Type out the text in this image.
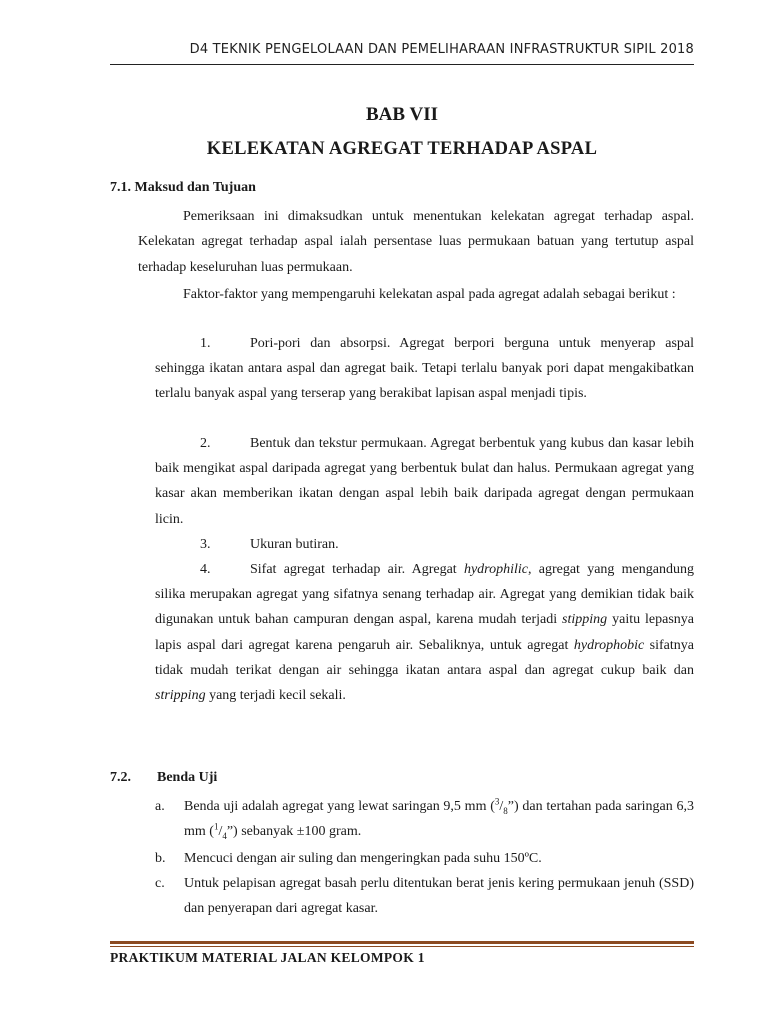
D4 TEKNIK PENGELOLAAN DAN PEMELIHARAAN INFRASTRUKTUR SIPIL 2018
BAB VII
KELEKATAN AGREGAT TERHADAP ASPAL
7.1. Maksud dan Tujuan

Pemeriksaan ini dimaksudkan untuk menentukan kelekatan agregat terhadap aspal. Kelekatan agregat terhadap aspal ialah persentase luas permukaan batuan yang tertutup aspal terhadap keseluruhan luas permukaan.

Faktor-faktor yang mempengaruhi kelekatan aspal pada agregat adalah sebagai berikut :

1.	Pori-pori dan absorpsi. Agregat berpori berguna untuk menyerap aspal sehingga ikatan antara aspal dan agregat baik. Tetapi terlalu banyak pori dapat mengakibatkan terlalu banyak aspal yang terserap yang berakibat lapisan aspal menjadi tipis.

2.	Bentuk dan tekstur permukaan. Agregat berbentuk yang kubus dan kasar lebih baik mengikat aspal daripada agregat yang berbentuk bulat dan halus. Permukaan agregat yang kasar akan memberikan ikatan dengan aspal lebih baik daripada agregat dengan permukaan licin.

3.	Ukuran butiran.

4.	Sifat agregat terhadap air. Agregat hydrophilic, agregat yang mengandung silika merupakan agregat yang sifatnya senang terhadap air. Agregat yang demikian tidak baik digunakan untuk bahan campuran dengan aspal, karena mudah terjadi stipping yaitu lepasnya lapis aspal dari agregat karena pengaruh air. Sebaliknya, untuk agregat hydrophobic sifatnya tidak mudah terikat dengan air sehingga ikatan antara aspal dan agregat cukup baik dan stripping yang terjadi kecil sekali.

7.2. Benda Uji
a. Benda uji adalah agregat yang lewat saringan 9,5 mm $(^3/_8”)$ dan tertahan pada saringan 6,3 mm $(^1/_4”)$ sebanyak ±100 gram.
b. Mencuci dengan air suling dan mengeringkan pada suhu 150ºC.
c. Untuk pelapisan agregat basah perlu ditentukan berat jenis kering permukaan jenuh (SSD) dan penyerapan dari agregat kasar.
PRAKTIKUM MATERIAL JALAN KELOMPOK 1
